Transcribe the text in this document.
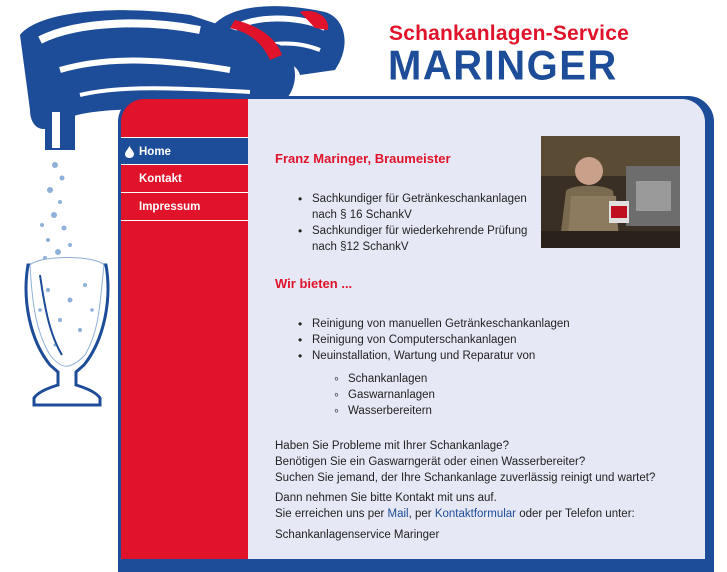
Schankanlagen-Service
MARINGER
Home
Kontakt
Impressum
Franz Maringer, Braumeister
• Sachkundiger für Getränkeschankanlagen
nach § 16 SchankV
• Sachkundiger für wiederkehrende Prüfung
nach §12 SchankV
Wir bieten ...
• Reinigung von manuellen Getränkeschankanlagen
• Reinigung von Computerschankanlagen
• Neuinstallation, Wartung und Reparatur von
◦ Schankanlagen
◦ Gaswarnanlagen
◦ Wasserbereitern

Haben Sie Probleme mit Ihrer Schankanlage?

Benötigen Sie ein Gaswarngerät oder einen Wasserbereiter?

Suchen Sie jemand, der Ihre Schankanlage zuverlässig reinigt und wartet?

Dann nehmen Sie bitte Kontakt mit uns auf.

Sie erreichen uns per Mail, per Kontaktformular oder per Telefon unter:

Schankanlagenservice Maringer
